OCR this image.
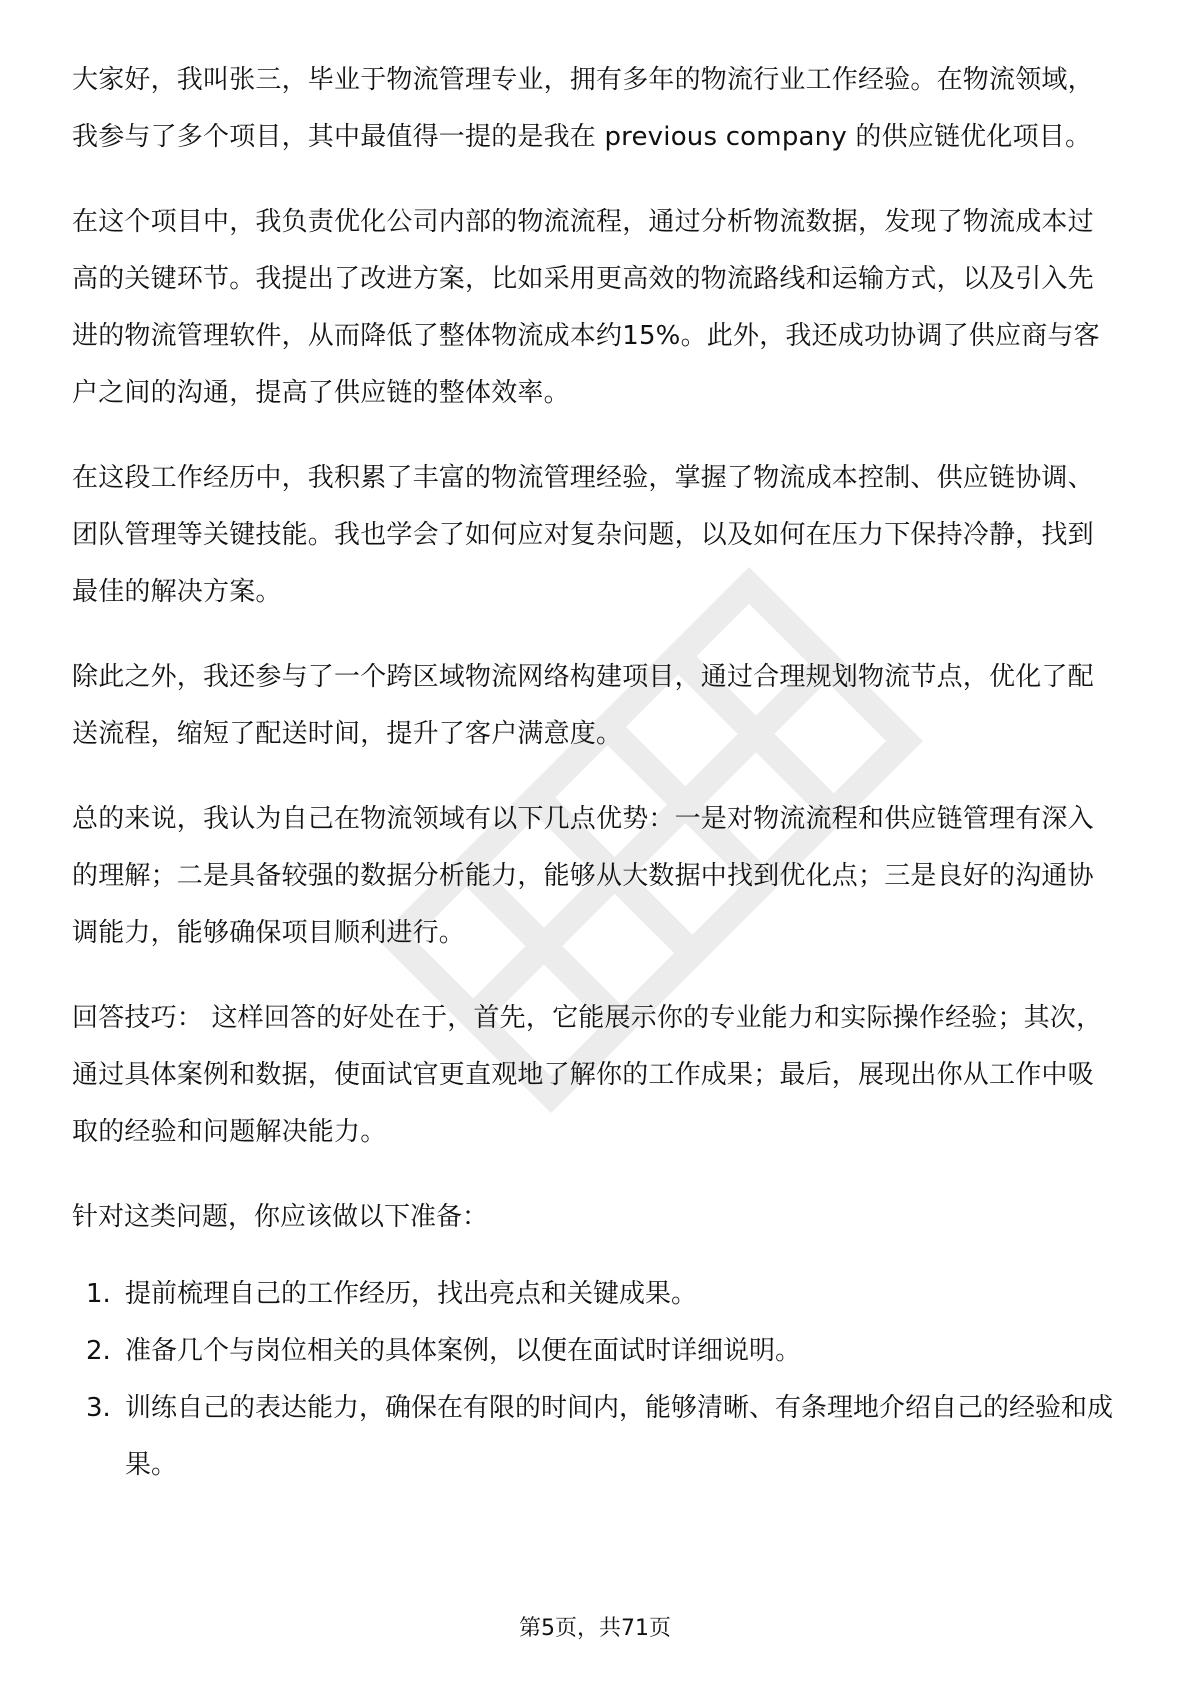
大家好，我叫张三，毕业于物流管理专业，拥有多年的物流行业工作经验。在物流领域，我参与了多个项目，其中最值得一提的是我在 previous company 的供应链优化项目。

在这个项目中，我负责优化公司内部的物流流程，通过分析物流数据，发现了物流成本过高的关键环节。我提出了改进方案，比如采用更高效的物流路线和运输方式，以及引入先进的物流管理软件，从而降低了整体物流成本约15%。此外，我还成功协调了供应商与客户之间的沟通，提高了供应链的整体效率。

在这段工作经历中，我积累了丰富的物流管理经验，掌握了物流成本控制、供应链协调、团队管理等关键技能。我也学会了如何应对复杂问题，以及如何在压力下保持冷静，找到最佳的解决方案。

除此之外，我还参与了一个跨区域物流网络构建项目，通过合理规划物流节点，优化了配送流程，缩短了配送时间，提升了客户满意度。

总的来说，我认为自己在物流领域有以下几点优势：一是对物流流程和供应链管理有深入的理解；二是具备较强的数据分析能力，能够从大数据中找到优化点；三是良好的沟通协调能力，能够确保项目顺利进行。

回答技巧： 这样回答的好处在于，首先，它能展示你的专业能力和实际操作经验；其次，通过具体案例和数据，使面试官更直观地了解你的工作成果；最后，展现出你从工作中吸取的经验和问题解决能力。

针对这类问题，你应该做以下准备：

1. 提前梳理自己的工作经历，找出亮点和关键成果。
2. 准备几个与岗位相关的具体案例，以便在面试时详细说明。
3. 训练自己的表达能力，确保在有限的时间内，能够清晰、有条理地介绍自己的经验和成果。
第5页，共71页
